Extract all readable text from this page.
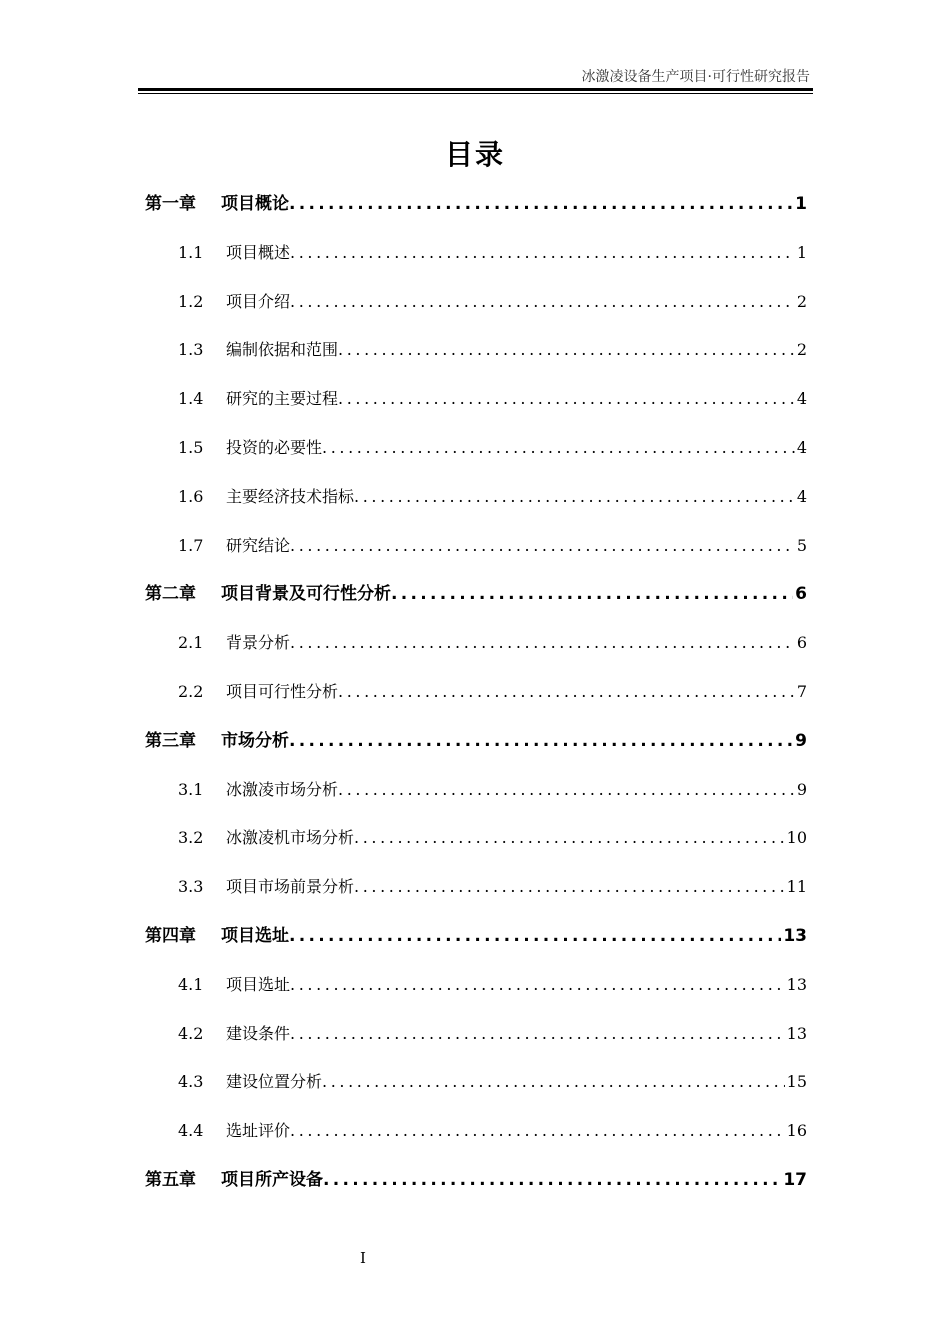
冰激凌设备生产项目·可行性研究报告
目录
第一章	项目概论 .....	1
1.1	项目概述 .....	1
1.2	项目介绍 .....	2
1.3	编制依据和范围 .....	2
1.4	研究的主要过程 .....	4
1.5	投资的必要性 .....	4
1.6	主要经济技术指标 .....	4
1.7	研究结论 .....	5
第二章	项目背景及可行性分析 .....	6
2.1	背景分析 .....	6
2.2	项目可行性分析 .....	7
第三章	市场分析 .....	9
3.1	冰激凌市场分析 .....	9
3.2	冰激凌机市场分析 .....	10
3.3	项目市场前景分析 .....	11
第四章	项目选址 .....	13
4.1	项目选址 .....	13
4.2	建设条件 .....	13
4.3	建设位置分析 .....	15
4.4	选址评价 .....	16
第五章	项目所产设备 .....	17
I
